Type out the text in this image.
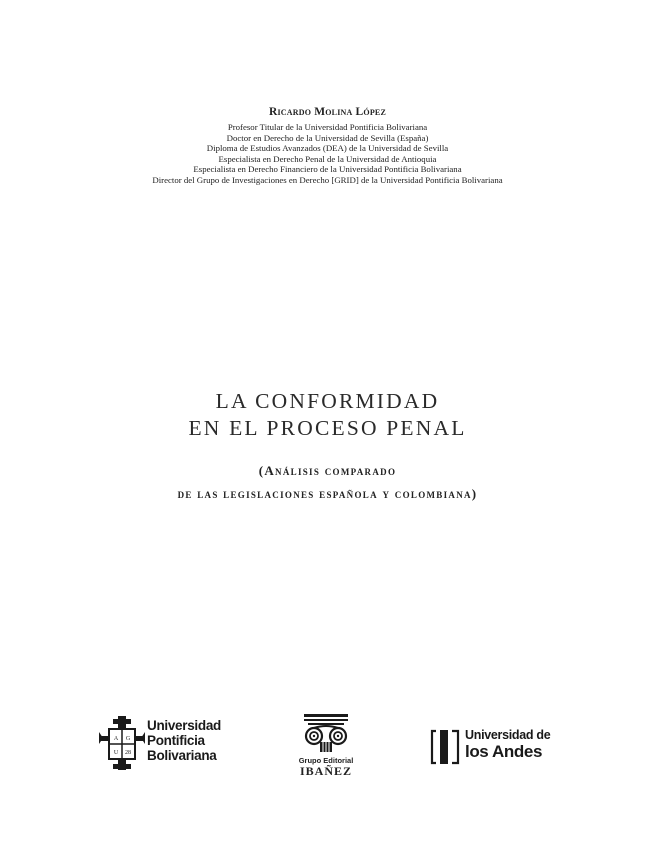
Ricardo Molina López
Profesor Titular de la Universidad Pontificia Bolivariana
Doctor en Derecho de la Universidad de Sevilla (España)
Diploma de Estudios Avanzados (DEA) de la Universidad de Sevilla
Especialista en Derecho Penal de la Universidad de Antioquia
Especialista en Derecho Financiero de la Universidad Pontificia Bolivariana
Director del Grupo de Investigaciones en Derecho [GRID] de la Universidad Pontificia Bolivariana
LA CONFORMIDAD
EN EL PROCESO PENAL
(Análisis comparado
de las legislaciones española y colombiana)
A G
U 28
Universidad
Pontificia
Bolivariana	Grupo Editorial
IBAÑEZ
Universidad de
los Andes
